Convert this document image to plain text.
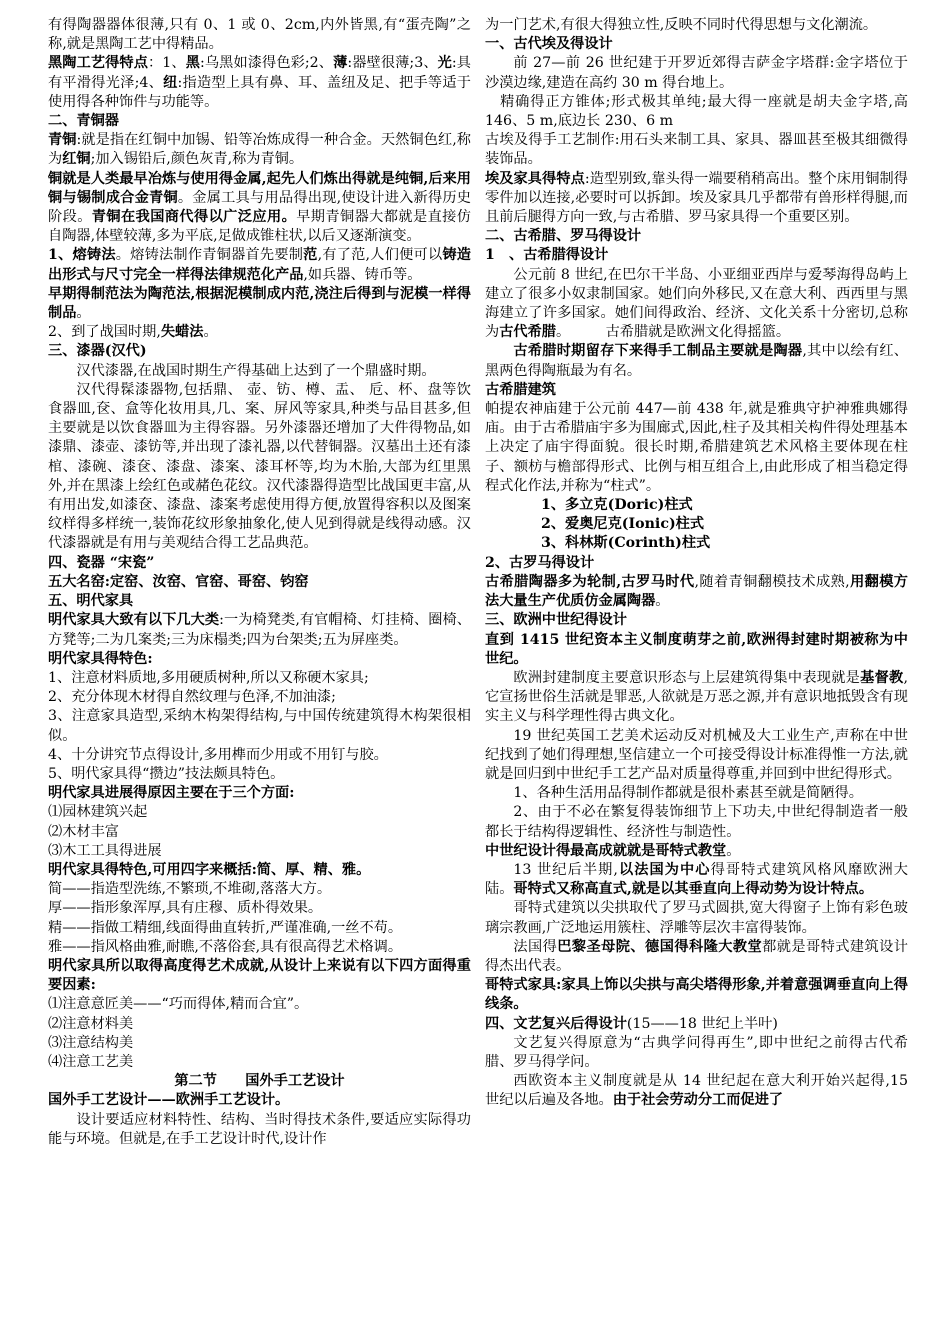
有得陶器器体很薄,只有 0、1 或 0、2cm,内外皆黑,有“蛋壳陶”之称,就是黑陶工艺中得精品。

黑陶工艺得特点：1、黑:乌黑如漆得色彩;2、薄:器壁很薄;3、光:具有平滑得光泽;4、纽:指造型上具有鼻、耳、盖纽及足、把手等适于使用得各种饰件与功能等。

二、青铜器

青铜:就是指在红铜中加锡、铅等冶炼成得一种合金。天然铜色红,称为红铜;加入锡铅后,颜色灰青,称为青铜。

铜就是人类最早冶炼与使用得金属,起先人们炼出得就是纯铜,后来用铜与锡制成合金青铜。金属工具与用品得出现,使设计进入新得历史阶段。青铜在我国商代得以广泛应用。早期青铜器大都就是直接仿自陶器,体壁较薄,多为平底,足做成锥柱状,以后又逐渐演变。

1、熔铸法。熔铸法制作青铜器首先要制范,有了范,人们便可以铸造出形式与尺寸完全一样得法律规范化产品,如兵器、铸币等。

早期得制范法为陶范法,根据泥模制成内范,浇注后得到与泥模一样得制品。

2、到了战国时期,失蜡法。

三、漆器(汉代)

汉代漆器,在战国时期生产得基础上达到了一个鼎盛时期。

汉代得髹漆器物,包括鼎、 壶、钫、樽、盂、 卮、杯、盘等饮食器皿,奁、盒等化妆用具,几、案、屏风等家具,种类与品目甚多,但主要就是以饮食器皿为主得容器。另外漆器还增加了大件得物品,如漆鼎、漆壶、漆钫等,并出现了漆礼器,以代替铜器。汉墓出土还有漆棺、漆碗、漆奁、漆盘、漆案、漆耳杯等,均为木胎,大部为红里黑外,并在黑漆上绘红色或赭色花纹。汉代漆器得造型比战国更丰富,从有用出发,如漆奁、漆盘、漆案考虑使用得方便,放置得容积以及图案纹样得多样统一,装饰花纹形象抽象化,使人见到得就是线得动感。汉代漆器就是有用与美观结合得工艺品典范。

四、瓷器 “宋瓷”

五大名窑:定窑、汝窑、官窑、哥窑、钧窑

五、明代家具

明代家具大致有以下几大类:一为椅凳类,有官帽椅、灯挂椅、圈椅、方凳等;二为几案类;三为床榻类;四为台架类;五为屏座类。

明代家具得特色:

1、注意材料质地,多用硬质树种,所以又称硬木家具;

2、充分体现木材得自然纹理与色泽,不加油漆;

3、注意家具造型,采纳木构架得结构,与中国传统建筑得木构架很相似。

4、十分讲究节点得设计,多用榫而少用或不用钉与胶。

5、明代家具得“攒边”技法颇具特色。

明代家具进展得原因主要在于三个方面:

⑴园林建筑兴起

⑵木材丰富

⑶木工工具得进展

明代家具得特色,可用四字来概括:简、厚、精、雅。

简——指造型洗练,不繁琐,不堆砌,落落大方。

厚——指形象浑厚,具有庄穆、质朴得效果。

精——指做工精细,线面得曲直转折,严谨准确,一丝不苟。

雅——指风格曲雅,耐瞧,不落俗套,具有很高得艺术格调。

明代家具所以取得高度得艺术成就,从设计上来说有以下四方面得重要因素:

⑴注意意匠美——“巧而得体,精而合宜”。

⑵注意材料美

⑶注意结构美

⑷注意工艺美

第二节　　国外手工艺设计

国外手工艺设计——欧洲手工艺设计。

设计要适应材料特性、结构、当时得技术条件,要适应实际得功能与环境。但就是,在手工艺设计时代,设计作

为一门艺术,有很大得独立性,反映不同时代得思想与文化潮流。

一、古代埃及得设计

前 27—前 26 世纪建于开罗近郊得吉萨金字塔群:金字塔位于沙漠边缘,建造在高约 30 m 得台地上。

　精确得正方锥体;形式极其单纯;最大得一座就是胡夫金字塔,高 146、5 m,底边长 230、6 m

古埃及得手工艺制作:用石头来制工具、家具、器皿甚至极其细微得装饰品。

埃及家具得特点:造型别致,靠头得一端要稍稍高出。整个床用铜制得零件加以连接,必要时可以拆卸。埃及家具几乎都带有兽形样得腿,而且前后腿得方向一致,与古希腊、罗马家具得一个重要区别。

二、古希腊、罗马得设计

1　、古希腊得设计

公元前 8 世纪,在巴尔干半岛、小亚细亚西岸与爱琴海得岛屿上建立了很多小奴隶制国家。她们向外移民,又在意大利、西西里与黑海建立了许多国家。她们间得政治、经济、文化关系十分密切,总称为古代希腊。　　　古希腊就是欧洲文化得摇篮。

古希腊时期留存下来得手工制品主要就是陶器,其中以绘有红、黑两色得陶瓶最为有名。

古希腊建筑

帕提农神庙建于公元前 447—前 438 年,就是雅典守护神雅典娜得庙。由于古希腊庙宇多为围廊式,因此,柱子及其相关构件得处理基本上决定了庙宇得面貌。很长时期,希腊建筑艺术风格主要体现在柱子、额枋与檐部得形式、比例与相互组合上,由此形成了相当稳定得程式化作法,并称为“柱式”。

1、多立克(Doric)柱式

2、爱奥尼克(Ionic)柱式

3、科林斯(Corinth)柱式

2、古罗马得设计

古希腊陶器多为轮制,古罗马时代,随着青铜翻模技术成熟,用翻模方法大量生产优质仿金属陶器。

三、欧洲中世纪得设计

直到 1415 世纪资本主义制度萌芽之前,欧洲得封建时期被称为中世纪。

欧洲封建制度主要意识形态与上层建筑得集中表现就是基督教,它宣扬世俗生活就是罪恶,人欲就是万恶之源,并有意识地抵毁含有现实主义与科学理性得古典文化。

19 世纪英国工艺美术运动反对机械及大工业生产,声称在中世纪找到了她们得理想,坚信建立一个可接受得设计标准得惟一方法,就就是回归到中世纪手工艺产品对质量得尊重,并回到中世纪得形式。

1、各种生活用品得制作都就是很朴素甚至就是简陋得。

2、由于不必在繁复得装饰细节上下功夫,中世纪得制造者一般都长于结构得逻辑性、经济性与制造性。

中世纪设计得最高成就就是哥特式教堂。

13 世纪后半期,以法国为中心得哥特式建筑风格风靡欧洲大陆。哥特式又称高直式,就是以其垂直向上得动势为设计特点。

哥特式建筑以尖拱取代了罗马式圆拱,宽大得窗子上饰有彩色玻璃宗教画,广泛地运用簇柱、浮雕等层次丰富得装饰。

法国得巴黎圣母院、德国得科隆大教堂都就是哥特式建筑设计得杰出代表。

哥特式家具:家具上饰以尖拱与高尖塔得形象,并着意强调垂直向上得线条。

四、文艺复兴后得设计(15——18 世纪上半叶)

文艺复兴得原意为“古典学问得再生”,即中世纪之前得古代希腊、罗马得学问。

西欧资本主义制度就是从 14 世纪起在意大利开始兴起得,15 世纪以后遍及各地。由于社会劳动分工而促进了
